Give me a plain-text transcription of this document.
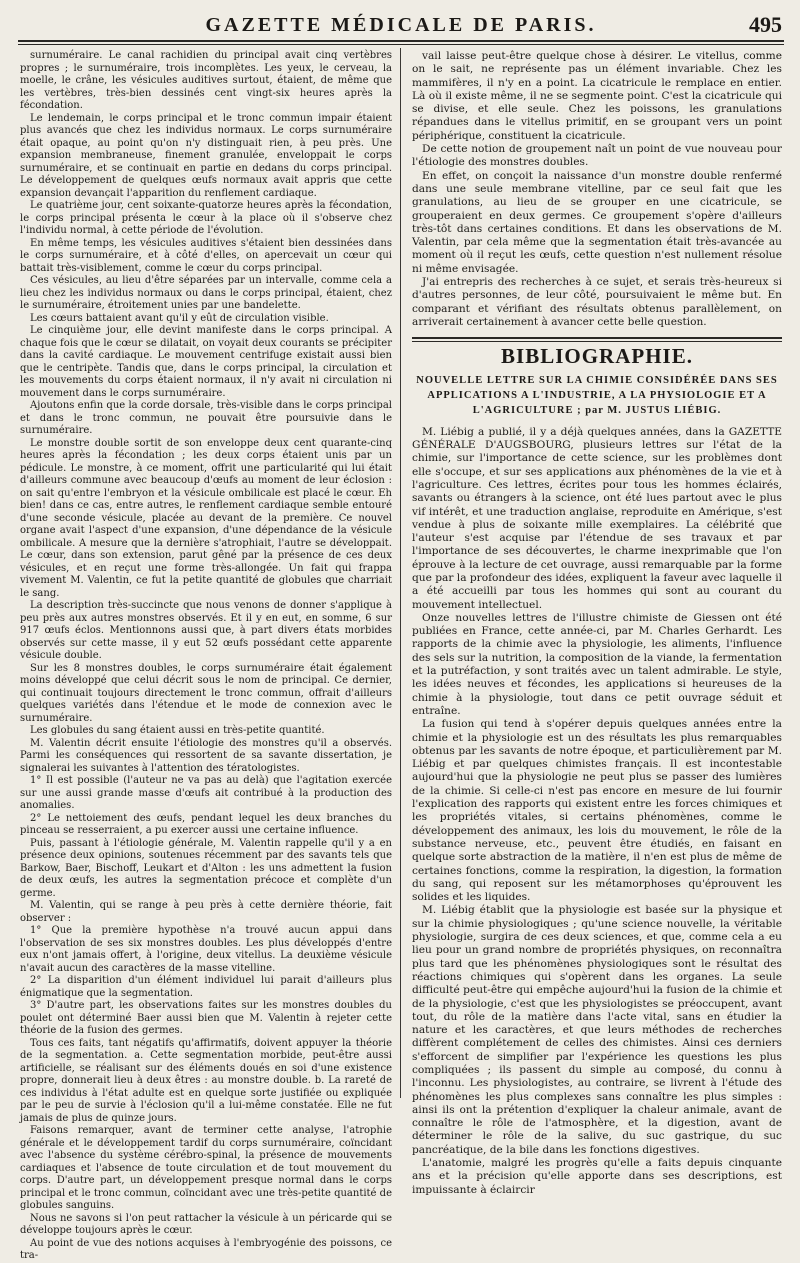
GAZETTE MÉDICALE DE PARIS.	495

surnuméraire. Le canal rachidien du principal avait cinq vertèbres propres ; le surnuméraire, trois incomplètes. Les yeux, le cerveau, la moelle, le crâne, les vésicules auditives surtout, étaient, de même que les vertèbres, très-bien dessinés cent vingt-six heures après la fécondation.

Le lendemain, le corps principal et le tronc commun impair étaient plus avancés que chez les individus normaux. Le corps surnuméraire était opaque, au point qu'on n'y distinguait rien, à peu près. Une expansion membraneuse, finement granulée, enveloppait le corps surnuméraire, et se continuait en partie en dedans du corps principal. Le développement de quelques œufs normaux avait appris que cette expansion devançait l'apparition du renflement cardiaque.

Le quatrième jour, cent soixante-quatorze heures après la fécondation, le corps principal présenta le cœur à la place où il s'observe chez l'individu normal, à cette période de l'évolution.

En même temps, les vésicules auditives s'étaient bien dessinées dans le corps surnuméraire, et à côté d'elles, on apercevait un cœur qui battait très-visiblement, comme le cœur du corps principal.

Ces vésicules, au lieu d'être séparées par un intervalle, comme cela a lieu chez les individus normaux ou dans le corps principal, étaient, chez le surnuméraire, étroitement unies par une bandelette.

Les cœurs battaient avant qu'il y eût de circulation visible.

Le cinquième jour, elle devint manifeste dans le corps principal. A chaque fois que le cœur se dilatait, on voyait deux courants se précipiter dans la cavité cardiaque. Le mouvement centrifuge existait aussi bien que le centripète. Tandis que, dans le corps principal, la circulation et les mouvements du corps étaient normaux, il n'y avait ni circulation ni mouvement dans le corps surnuméraire.

Ajoutons enfin que la corde dorsale, très-visible dans le corps principal et dans le tronc commun, ne pouvait être poursuivie dans le surnuméraire.

Le monstre double sortit de son enveloppe deux cent quarante-cinq heures après la fécondation ; les deux corps étaient unis par un pédicule. Le monstre, à ce moment, offrit une particularité qui lui était d'ailleurs commune avec beaucoup d'œufs au moment de leur éclosion : on sait qu'entre l'embryon et la vésicule ombilicale est placé le cœur. Eh bien! dans ce cas, entre autres, le renflement cardiaque semble entouré d'une seconde vésicule, placée au devant de la première. Ce nouvel organe avait l'aspect d'une expansion, d'une dépendance de la vésicule ombilicale. A mesure que la dernière s'atrophiait, l'autre se développait. Le cœur, dans son extension, parut gêné par la présence de ces deux vésicules, et en reçut une forme très-allongée. Un fait qui frappa vivement M. Valentin, ce fut la petite quantité de globules que charriait le sang.

La description très-succincte que nous venons de donner s'applique à peu près aux autres monstres observés. Et il y en eut, en somme, 6 sur 917 œufs éclos. Mentionnons aussi que, à part divers états morbides observés sur cette masse, il y eut 52 œufs possédant cette apparente vésicule double.

Sur les 8 monstres doubles, le corps surnuméraire était également moins développé que celui décrit sous le nom de principal. Ce dernier, qui continuait toujours directement le tronc commun, offrait d'ailleurs quelques variétés dans l'étendue et le mode de connexion avec le surnuméraire.

Les globules du sang étaient aussi en très-petite quantité.

M. Valentin décrit ensuite l'étiologie des monstres qu'il a observés. Parmi les conséquences qui ressortent de sa savante dissertation, je signalerai les suivantes à l'attention des tératologistes.

1° Il est possible (l'auteur ne va pas au delà) que l'agitation exercée sur une aussi grande masse d'œufs ait contribué à la production des anomalies.

2° Le nettoiement des œufs, pendant lequel les deux branches du pinceau se resserraient, a pu exercer aussi une certaine influence.

Puis, passant à l'étiologie générale, M. Valentin rappelle qu'il y a en présence deux opinions, soutenues récemment par des savants tels que Barkow, Baer, Bischoff, Leukart et d'Alton : les uns admettent la fusion de deux œufs, les autres la segmentation précoce et complète d'un germe.

M. Valentin, qui se range à peu près à cette dernière théorie, fait observer :

1° Que la première hypothèse n'a trouvé aucun appui dans l'observation de ses six monstres doubles. Les plus développés d'entre eux n'ont jamais offert, à l'origine, deux vitellus. La deuxième vésicule n'avait aucun des caractères de la masse vitelline.

2° La disparition d'un élément individuel lui parait d'ailleurs plus énigmatique que la segmentation.

3° D'autre part, les observations faites sur les monstres doubles du poulet ont déterminé Baer aussi bien que M. Valentin à rejeter cette théorie de la fusion des germes.

Tous ces faits, tant négatifs qu'affirmatifs, doivent appuyer la théorie de la segmentation. a. Cette segmentation morbide, peut-être aussi artificielle, se réalisant sur des éléments doués en soi d'une existence propre, donnerait lieu à deux êtres : au monstre double. b. La rareté de ces individus à l'état adulte est en quelque sorte justifiée ou expliquée par le peu de survie à l'éclosion qu'il a lui-même constatée. Elle ne fut jamais de plus de quinze jours.

Faisons remarquer, avant de terminer cette analyse, l'atrophie générale et le développement tardif du corps surnuméraire, coïncidant avec l'absence du système cérébro-spinal, la présence de mouvements cardiaques et l'absence de toute circulation et de tout mouvement du corps. D'autre part, un développement presque normal dans le corps principal et le tronc commun, coïncidant avec une très-petite quantité de globules sanguins.

Nous ne savons si l'on peut rattacher la vésicule à un péricarde qui se développe toujours après le cœur.

Au point de vue des notions acquises à l'embryogénie des poissons, ce tra-

vail laisse peut-être quelque chose à désirer. Le vitellus, comme on le sait, ne représente pas un élément invariable. Chez les mammifères, il n'y en a point. La cicatricule le remplace en entier. Là où il existe même, il ne se segmente point. C'est la cicatricule qui se divise, et elle seule. Chez les poissons, les granulations répandues dans le vitellus primitif, en se groupant vers un point périphérique, constituent la cicatricule.

De cette notion de groupement naît un point de vue nouveau pour l'étiologie des monstres doubles.

En effet, on conçoit la naissance d'un monstre double renfermé dans une seule membrane vitelline, par ce seul fait que les granulations, au lieu de se grouper en une cicatricule, se grouperaient en deux germes. Ce groupement s'opère d'ailleurs très-tôt dans certaines conditions. Et dans les observations de M. Valentin, par cela même que la segmentation était très-avancée au moment où il reçut les œufs, cette question n'est nullement résolue ni même envisagée.

J'ai entrepris des recherches à ce sujet, et serais très-heureux si d'autres personnes, de leur côté, poursuivaient le même but. En comparant et vérifiant des résultats obtenus parallèlement, on arriverait certainement à avancer cette belle question.

BIBLIOGRAPHIE.
NOUVELLE LETTRE SUR LA CHIMIE CONSIDÉRÉE DANS SES APPLICATIONS A L'INDUSTRIE, A LA PHYSIOLOGIE ET A L'AGRICULTURE ; par M. JUSTUS LIÉBIG.

M. Liébig a publié, il y a déjà quelques années, dans la GAZETTE GÉNÉRALE D'AUGSBOURG, plusieurs lettres sur l'état de la chimie, sur l'importance de cette science, sur les problèmes dont elle s'occupe, et sur ses applications aux phénomènes de la vie et à l'agriculture. Ces lettres, écrites pour tous les hommes éclairés, savants ou étrangers à la science, ont été lues partout avec le plus vif intérêt, et une traduction anglaise, reproduite en Amérique, s'est vendue à plus de soixante mille exemplaires. La célébrité que l'auteur s'est acquise par l'étendue de ses travaux et par l'importance de ses découvertes, le charme inexprimable que l'on éprouve à la lecture de cet ouvrage, aussi remarquable par la forme que par la profondeur des idées, expliquent la faveur avec laquelle il a été accueilli par tous les hommes qui sont au courant du mouvement intellectuel.

Onze nouvelles lettres de l'illustre chimiste de Giessen ont été publiées en France, cette année-ci, par M. Charles Gerhardt. Les rapports de la chimie avec la physiologie, les aliments, l'influence des sels sur la nutrition, la composition de la viande, la fermentation et la putréfaction, y sont traités avec un talent admirable. Le style, les idées neuves et fécondes, les applications si heureuses de la chimie à la physiologie, tout dans ce petit ouvrage séduit et entraîne.

La fusion qui tend à s'opérer depuis quelques années entre la chimie et la physiologie est un des résultats les plus remarquables obtenus par les savants de notre époque, et particulièrement par M. Liébig et par quelques chimistes français. Il est incontestable aujourd'hui que la physiologie ne peut plus se passer des lumières de la chimie. Si celle-ci n'est pas encore en mesure de lui fournir l'explication des rapports qui existent entre les forces chimiques et les propriétés vitales, si certains phénomènes, comme le développement des animaux, les lois du mouvement, le rôle de la substance nerveuse, etc., peuvent être étudiés, en faisant en quelque sorte abstraction de la matière, il n'en est plus de même de certaines fonctions, comme la respiration, la digestion, la formation du sang, qui reposent sur les métamorphoses qu'éprouvent les solides et les liquides.

M. Liébig établit que la physiologie est basée sur la physique et sur la chimie physiologiques ; qu'une science nouvelle, la véritable physiologie, surgira de ces deux sciences, et que, comme cela a eu lieu pour un grand nombre de propriétés physiques, on reconnaîtra plus tard que les phénomènes physiologiques sont le résultat des réactions chimiques qui s'opèrent dans les organes. La seule difficulté peut-être qui empêche aujourd'hui la fusion de la chimie et de la physiologie, c'est que les physiologistes se préoccupent, avant tout, du rôle de la matière dans l'acte vital, sans en étudier la nature et les caractères, et que leurs méthodes de recherches diffèrent complétement de celles des chimistes. Ainsi ces derniers s'efforcent de simplifier par l'expérience les questions les plus compliquées ; ils passent du simple au composé, du connu à l'inconnu. Les physiologistes, au contraire, se livrent à l'étude des phénomènes les plus complexes sans connaître les plus simples : ainsi ils ont la prétention d'expliquer la chaleur animale, avant de connaître le rôle de l'atmosphère, et la digestion, avant de déterminer le rôle de la salive, du suc gastrique, du suc pancréatique, de la bile dans les fonctions digestives.

L'anatomie, malgré les progrès qu'elle a faits depuis cinquante ans et la précision qu'elle apporte dans ses descriptions, est impuissante à éclaircir
